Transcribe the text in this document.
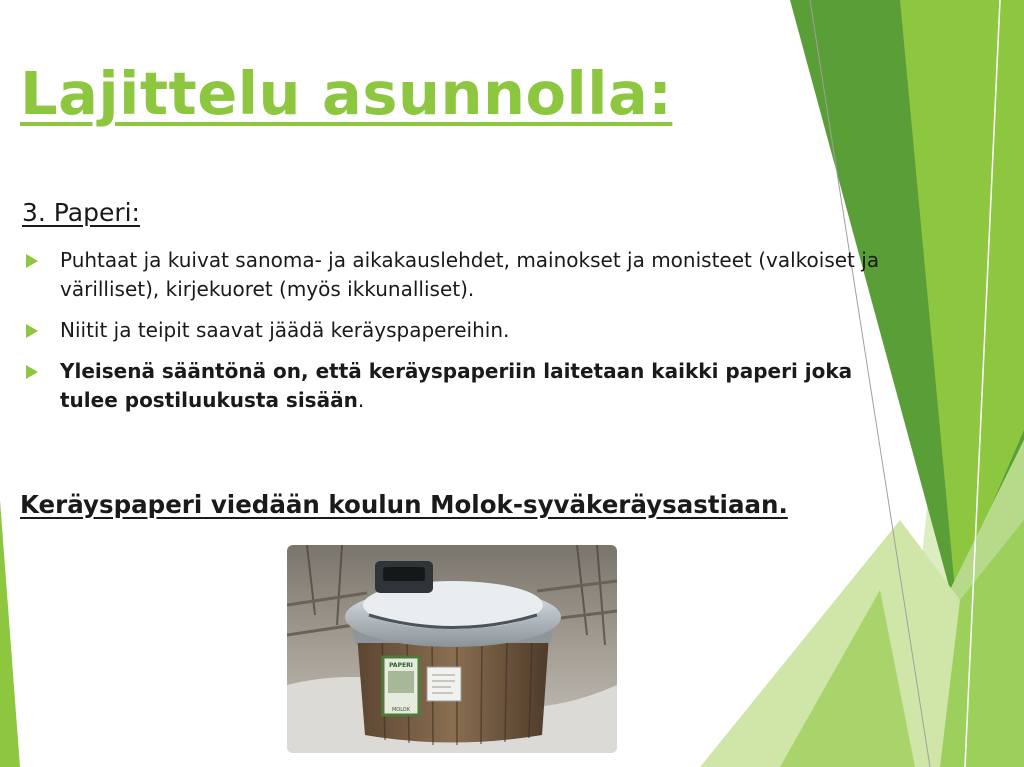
Lajittelu asunnolla:
3. Paperi:
Puhtaat ja kuivat sanoma- ja aikakauslehdet, mainokset ja monisteet (valkoiset ja värilliset), kirjekuoret (myös ikkunalliset).
Niitit ja teipit saavat jäädä keräyspapereihin.
Yleisenä sääntönä on, että keräyspaperiin laitetaan kaikki paperi joka tulee postiluukusta sisään.

Keräyspaperi viedään koulun Molok-syväkeräysastiaan.

PAPERI
MOLOK
